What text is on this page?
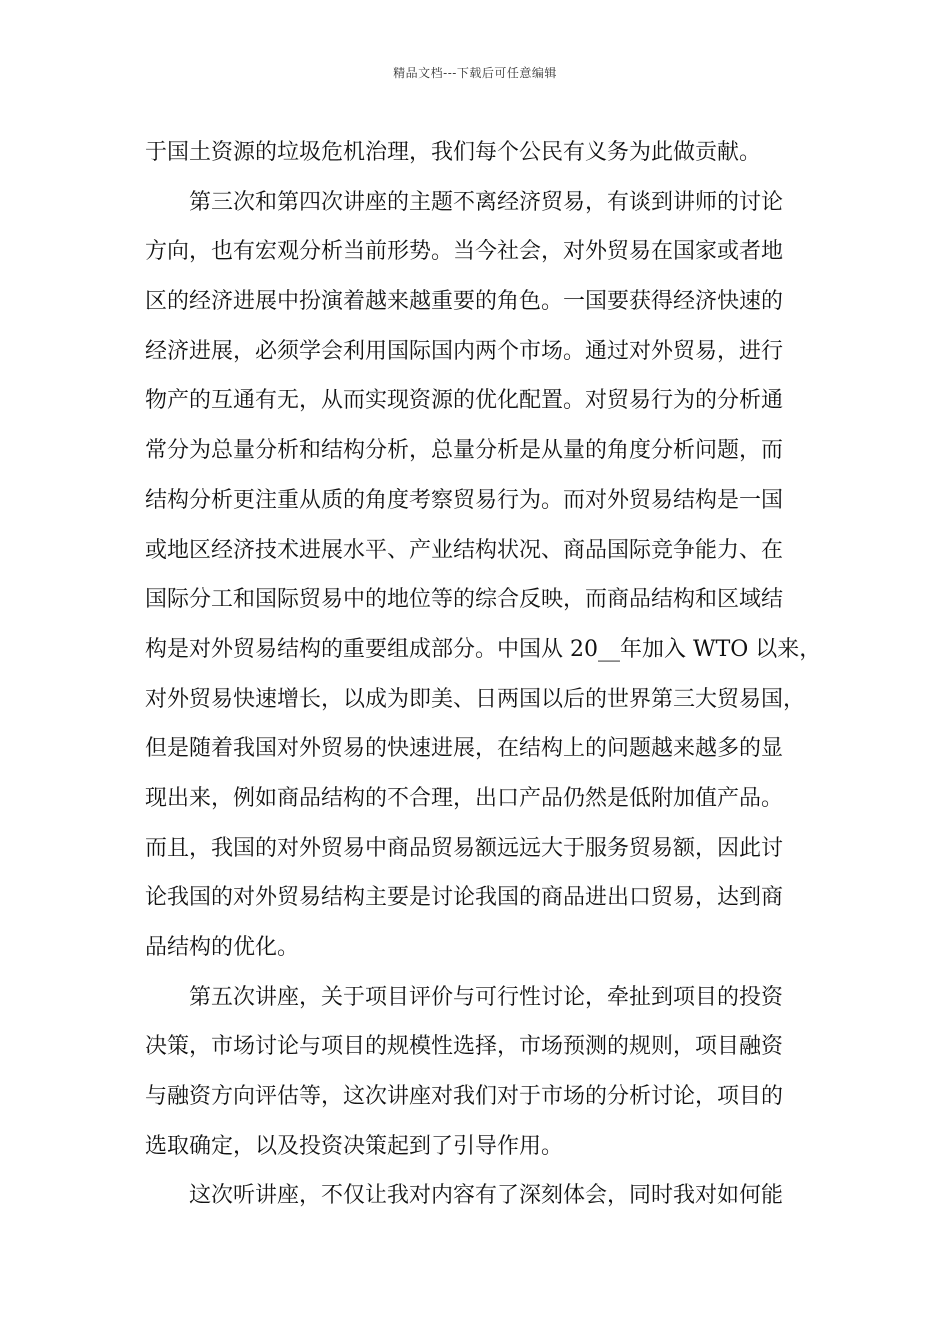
精品文档---下载后可任意编辑
于国土资源的垃圾危机治理，我们每个公民有义务为此做贡献。
第三次和第四次讲座的主题不离经济贸易，有谈到讲师的讨论
方向，也有宏观分析当前形势。当今社会，对外贸易在国家或者地
区的经济进展中扮演着越来越重要的角色。一国要获得经济快速的
经济进展，必须学会利用国际国内两个市场。通过对外贸易，进行
物产的互通有无，从而实现资源的优化配置。对贸易行为的分析通
常分为总量分析和结构分析，总量分析是从量的角度分析问题，而
结构分析更注重从质的角度考察贸易行为。而对外贸易结构是一国
或地区经济技术进展水平、产业结构状况、商品国际竞争能力、在
国际分工和国际贸易中的地位等的综合反映，而商品结构和区域结
构是对外贸易结构的重要组成部分。中国从 20__年加入 WTO 以来，
对外贸易快速增长，以成为即美、日两国以后的世界第三大贸易国，
但是随着我国对外贸易的快速进展，在结构上的问题越来越多的显
现出来，例如商品结构的不合理，出口产品仍然是低附加值产品。
而且，我国的对外贸易中商品贸易额远远大于服务贸易额，因此讨
论我国的对外贸易结构主要是讨论我国的商品进出口贸易，达到商
品结构的优化。
第五次讲座，关于项目评价与可行性讨论，牵扯到项目的投资
决策，市场讨论与项目的规模性选择，市场预测的规则，项目融资
与融资方向评估等，这次讲座对我们对于市场的分析讨论，项目的
选取确定，以及投资决策起到了引导作用。
这次听讲座，不仅让我对内容有了深刻体会，同时我对如何能
